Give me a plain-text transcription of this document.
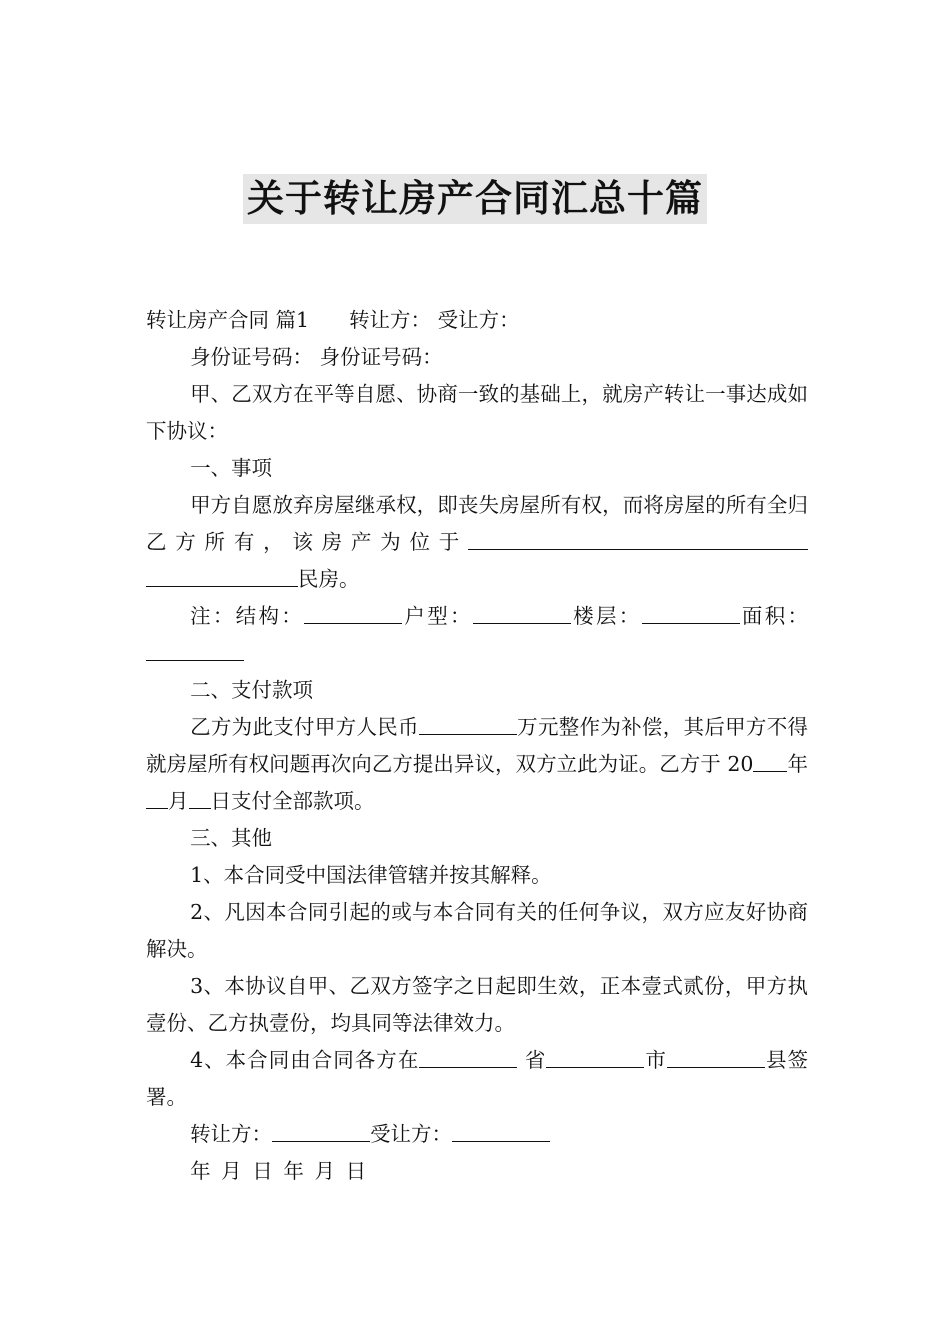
关于转让房产合同汇总十篇

转让房产合同 篇1 转让方： 受让方：

身份证号码： 身份证号码：

甲、乙双方在平等自愿、协商一致的基础上，就房产转让一事达成如下协议：

一、事项

甲方自愿放弃房屋继承权，即丧失房屋所有权，而将房屋的所有全归乙方所有，该房产为位于民房。

注：结构：	户型：	楼层：	面积：

二、支付款项

乙方为此支付甲方人民币	万元整作为补偿，其后甲方不得就房屋所有权问题再次向乙方提出异议，双方立此为证。乙方于 20 年月 日支付全部款项。

三、其他

1、本合同受中国法律管辖并按其解释。

2、凡因本合同引起的或与本合同有关的任何争议，双方应友好协商解决。

3、本协议自甲、乙双方签字之日起即生效，正本壹式贰份，甲方执壹份、乙方执壹份，均具同等法律效力。

4、本合同由合同各方在	省	市	县签署。

转让方：	受让方：

年 月 日 年 月 日
